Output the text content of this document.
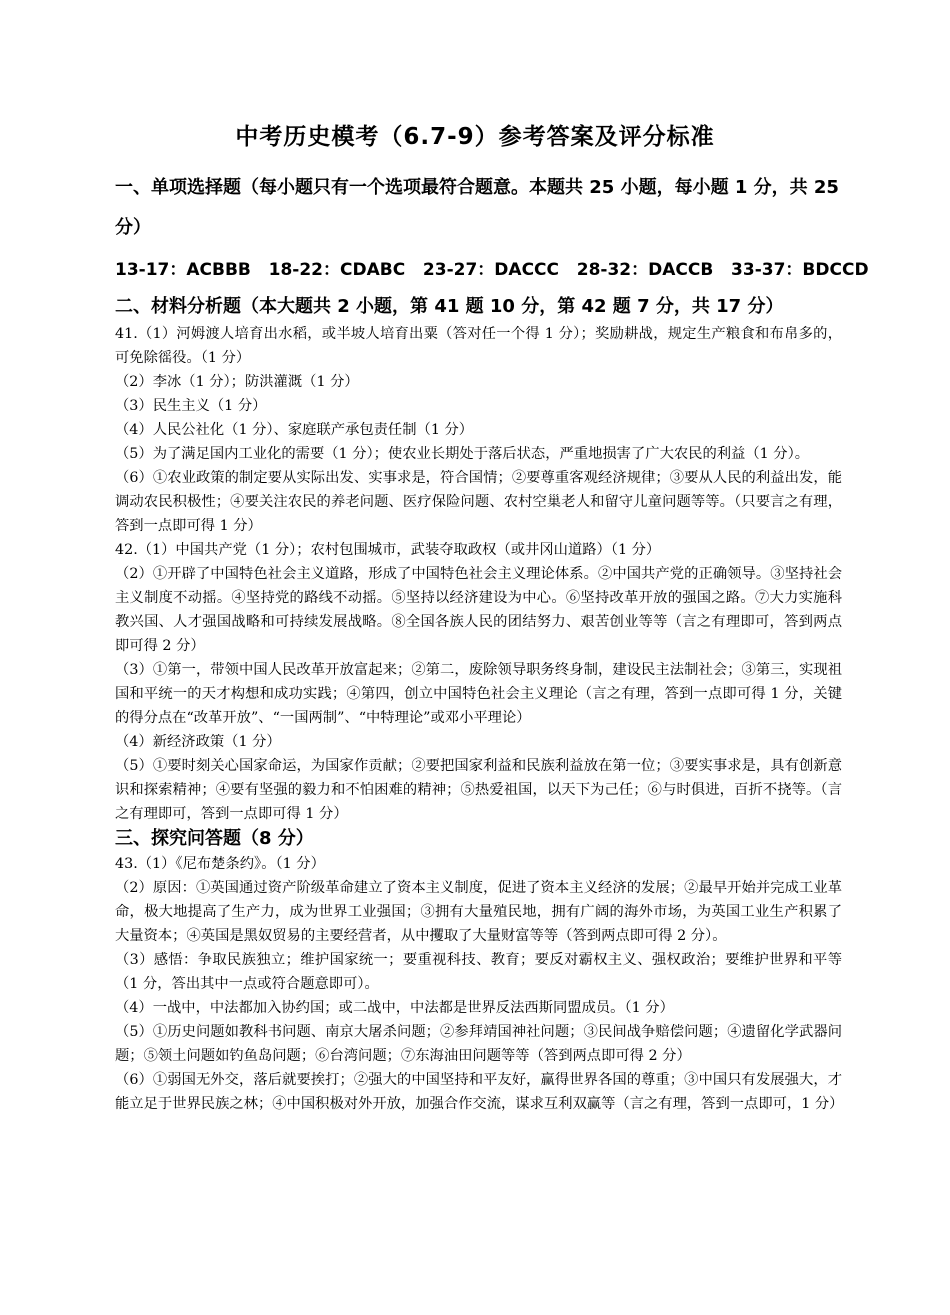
中考历史模考（6.7-9）参考答案及评分标准

一、单项选择题（每小题只有一个选项最符合题意。本题共 25 小题，每小题 1 分，共 25 分）

13-17：ACBBB   18-22：CDABC   23-27：DACCC   28-32：DACCB   33-37：BDCCD

二、材料分析题（本大题共 2 小题，第 41 题 10 分，第 42 题 7 分，共 17 分）

41.（1）河姆渡人培育出水稻，或半坡人培育出粟（答对任一个得 1 分）；奖励耕战，规定生产粮食和布帛多的，可免除徭役。（1 分）

（2）李冰（1 分）；防洪灌溉（1 分）

（3）民生主义（1 分）

（4）人民公社化（1 分）、家庭联产承包责任制（1 分）

（5）为了满足国内工业化的需要（1 分）；使农业长期处于落后状态，严重地损害了广大农民的利益（1 分）。

（6）①农业政策的制定要从实际出发、实事求是，符合国情；②要尊重客观经济规律；③要从人民的利益出发，能调动农民积极性；④要关注农民的养老问题、医疗保险问题、农村空巢老人和留守儿童问题等等。（只要言之有理，答到一点即可得 1 分）

42.（1）中国共产党（1 分）；农村包围城市，武装夺取政权（或井冈山道路）（1 分）

（2）①开辟了中国特色社会主义道路，形成了中国特色社会主义理论体系。②中国共产党的正确领导。③坚持社会主义制度不动摇。④坚持党的路线不动摇。⑤坚持以经济建设为中心。⑥坚持改革开放的强国之路。⑦大力实施科教兴国、人才强国战略和可持续发展战略。⑧全国各族人民的团结努力、艰苦创业等等（言之有理即可，答到两点即可得 2 分）

（3）①第一，带领中国人民改革开放富起来；②第二，废除领导职务终身制，建设民主法制社会；③第三，实现祖国和平统一的天才构想和成功实践；④第四，创立中国特色社会主义理论（言之有理，答到一点即可得 1 分，关键的得分点在“改革开放”、“一国两制”、“中特理论”或邓小平理论）

（4）新经济政策（1 分）

（5）①要时刻关心国家命运，为国家作贡献；②要把国家利益和民族利益放在第一位；③要实事求是，具有创新意识和探索精神；④要有坚强的毅力和不怕困难的精神；⑤热爱祖国，以天下为己任；⑥与时俱进，百折不挠等。（言之有理即可，答到一点即可得 1 分）

三、探究问答题（8 分）

43.（1）《尼布楚条约》。（1 分）

（2）原因：①英国通过资产阶级革命建立了资本主义制度，促进了资本主义经济的发展；②最早开始并完成工业革命，极大地提高了生产力，成为世界工业强国；③拥有大量殖民地，拥有广阔的海外市场，为英国工业生产积累了大量资本；④英国是黑奴贸易的主要经营者，从中攫取了大量财富等等（答到两点即可得 2 分）。

（3）感悟：争取民族独立；维护国家统一；要重视科技、教育；要反对霸权主义、强权政治；要维护世界和平等（1 分，答出其中一点或符合题意即可）。

（4）一战中，中法都加入协约国；或二战中，中法都是世界反法西斯同盟成员。（1 分）

（5）①历史问题如教科书问题、南京大屠杀问题；②参拜靖国神社问题；③民间战争赔偿问题；④遗留化学武器问题；⑤领土问题如钓鱼岛问题；⑥台湾问题；⑦东海油田问题等等（答到两点即可得 2 分）

（6）①弱国无外交，落后就要挨打；②强大的中国坚持和平友好，赢得世界各国的尊重；③中国只有发展强大，才能立足于世界民族之林；④中国积极对外开放，加强合作交流，谋求互利双赢等（言之有理，答到一点即可，1 分）
